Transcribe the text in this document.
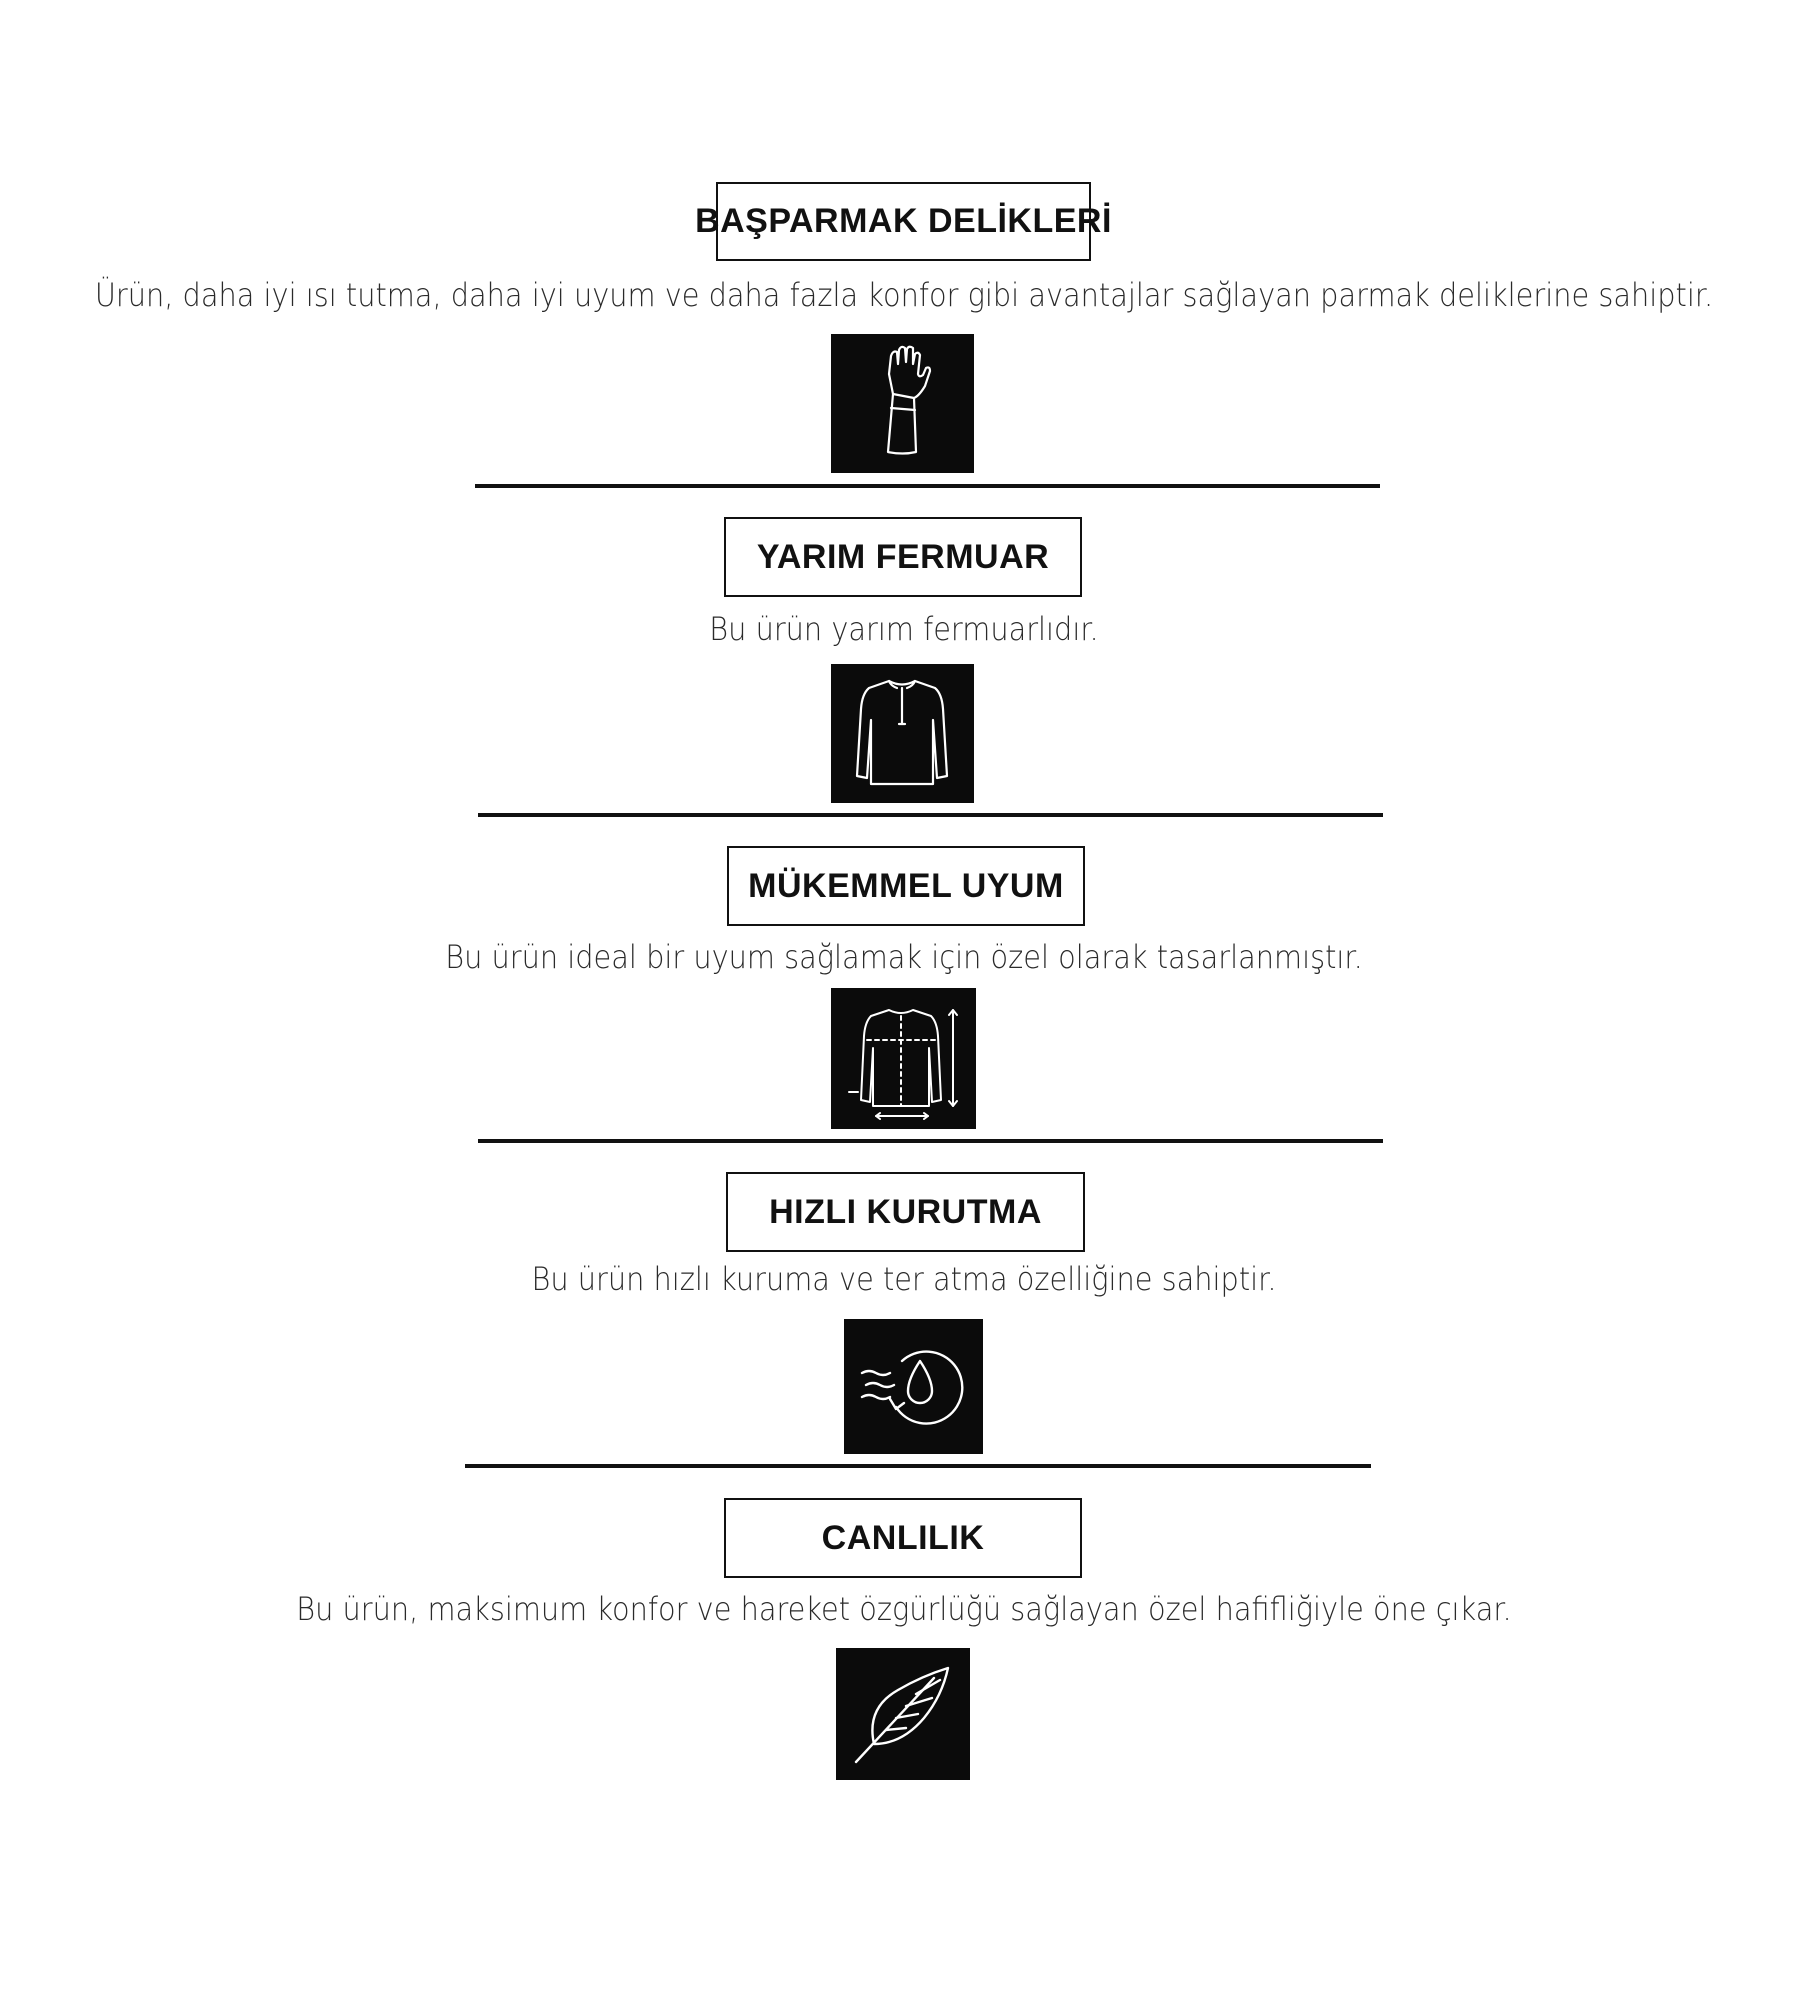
BAŞPARMAK DELİKLERİ
Ürün, daha iyi ısı tutma, daha iyi uyum ve daha fazla konfor gibi avantajlar sağlayan parmak deliklerine sahiptir.
YARIM FERMUAR
Bu ürün yarım fermuarlıdır.
MÜKEMMEL UYUM
Bu ürün ideal bir uyum sağlamak için özel olarak tasarlanmıştır.
HIZLI KURUTMA
Bu ürün hızlı kuruma ve ter atma özelliğine sahiptir.
CANLILIK
Bu ürün, maksimum konfor ve hareket özgürlüğü sağlayan özel hafifliğiyle öne çıkar.
